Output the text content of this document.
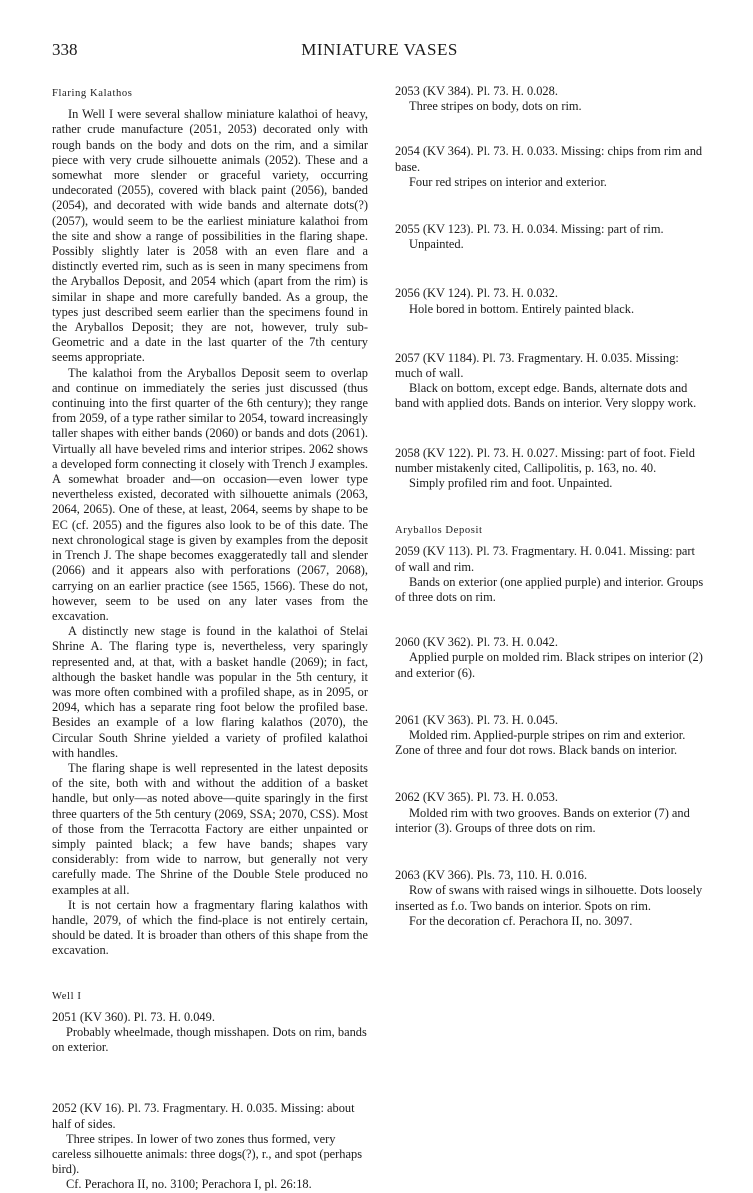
338	MINIATURE VASES
Flaring Kalathos

In Well I were several shallow miniature kalathoi of heavy, rather crude manufacture (2051, 2053) decorated only with rough bands on the body and dots on the rim, and a similar piece with very crude silhouette animals (2052). These and a somewhat more slender or graceful variety, occurring undecorated (2055), covered with black paint (2056), banded (2054), and decorated with wide bands and alternate dots(?) (2057), would seem to be the earliest miniature kalathoi from the site and show a range of possibilities in the flaring shape. Possibly slightly later is 2058 with an even flare and a distinctly everted rim, such as is seen in many specimens from the Aryballos Deposit, and 2054 which (apart from the rim) is similar in shape and more carefully banded. As a group, the types just described seem earlier than the specimens found in the Aryballos Deposit; they are not, however, truly sub-Geometric and a date in the last quarter of the 7th century seems appropriate.

The kalathoi from the Aryballos Deposit seem to overlap and continue on immediately the series just discussed (thus continuing into the first quarter of the 6th century); they range from 2059, of a type rather similar to 2054, toward increasingly taller shapes with either bands (2060) or bands and dots (2061). Virtually all have beveled rims and interior stripes. 2062 shows a developed form connecting it closely with Trench J examples. A somewhat broader and—on occasion—even lower type nevertheless existed, decorated with silhouette animals (2063, 2064, 2065). One of these, at least, 2064, seems by shape to be EC (cf. 2055) and the figures also look to be of this date. The next chronological stage is given by examples from the deposit in Trench J. The shape becomes exaggeratedly tall and slender (2066) and it appears also with perforations (2067, 2068), carrying on an earlier practice (see 1565, 1566). These do not, however, seem to be used on any later vases from the excavation.

A distinctly new stage is found in the kalathoi of Stelai Shrine A. The flaring type is, nevertheless, very sparingly represented and, at that, with a basket handle (2069); in fact, although the basket handle was popular in the 5th century, it was more often combined with a profiled shape, as in 2095, or 2094, which has a separate ring foot below the profiled base. Besides an example of a low flaring kalathos (2070), the Circular South Shrine yielded a variety of profiled kalathoi with handles.

The flaring shape is well represented in the latest deposits of the site, both with and without the addition of a basket handle, but only—as noted above—quite sparingly in the first three quarters of the 5th century (2069, SSA; 2070, CSS). Most of those from the Terracotta Factory are either unpainted or simply painted black; a few have bands; shapes vary considerably: from wide to narrow, but generally not very carefully made. The Shrine of the Double Stele produced no examples at all.

It is not certain how a fragmentary flaring kalathos with handle, 2079, of which the find-place is not entirely certain, should be dated. It is broader than others of this shape from the excavation.

Well I

2051 (KV 360). Pl. 73. H. 0.049.

Probably wheelmade, though misshapen. Dots on rim, bands on exterior.

2052 (KV 16). Pl. 73. Fragmentary. H. 0.035. Missing: about half of sides.

Three stripes. In lower of two zones thus formed, very careless silhouette animals: three dogs(?), r., and spot (perhaps bird).

Cf. Perachora II, no. 3100; Perachora I, pl. 26:18.

2053 (KV 384). Pl. 73. H. 0.028.

Three stripes on body, dots on rim.

2054 (KV 364). Pl. 73. H. 0.033. Missing: chips from rim and base.

Four red stripes on interior and exterior.

2055 (KV 123). Pl. 73. H. 0.034. Missing: part of rim.

Unpainted.

2056 (KV 124). Pl. 73. H. 0.032.

Hole bored in bottom. Entirely painted black.

2057 (KV 1184). Pl. 73. Fragmentary. H. 0.035. Missing: much of wall.

Black on bottom, except edge. Bands, alternate dots and band with applied dots. Bands on interior. Very sloppy work.

2058 (KV 122). Pl. 73. H. 0.027. Missing: part of foot. Field number mistakenly cited, Callipolitis, p. 163, no. 40.

Simply profiled rim and foot. Unpainted.

Aryballos Deposit

2059 (KV 113). Pl. 73. Fragmentary. H. 0.041. Missing: part of wall and rim.

Bands on exterior (one applied purple) and interior. Groups of three dots on rim.

2060 (KV 362). Pl. 73. H. 0.042.

Applied purple on molded rim. Black stripes on interior (2) and exterior (6).

2061 (KV 363). Pl. 73. H. 0.045.

Molded rim. Applied-purple stripes on rim and exterior. Zone of three and four dot rows. Black bands on interior.

2062 (KV 365). Pl. 73. H. 0.053.

Molded rim with two grooves. Bands on exterior (7) and interior (3). Groups of three dots on rim.

2063 (KV 366). Pls. 73, 110. H. 0.016.

Row of swans with raised wings in silhouette. Dots loosely inserted as f.o. Two bands on interior. Spots on rim.

For the decoration cf. Perachora II, no. 3097.
